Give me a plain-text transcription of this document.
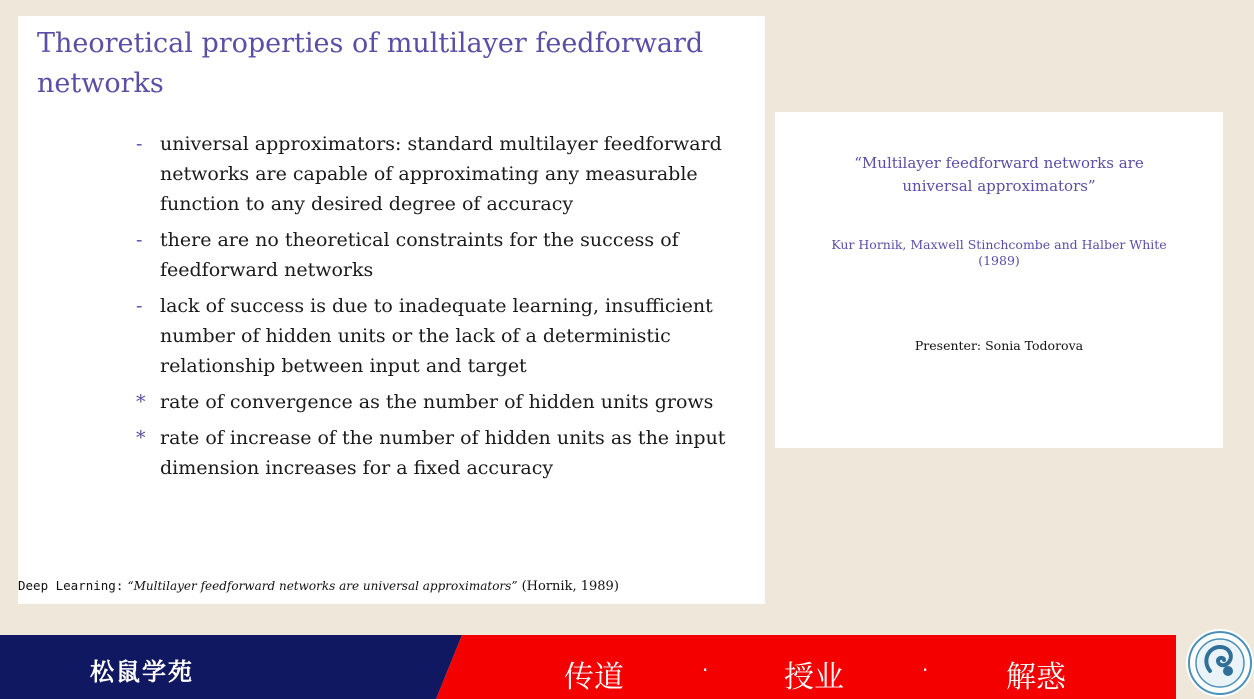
Theoretical properties of multilayer feedforward networks
- universal approximators: standard multilayer feedforward networks are capable of approximating any measurable function to any desired degree of accuracy
- there are no theoretical constraints for the success of feedforward networks
- lack of success is due to inadequate learning, insufficient number of hidden units or the lack of a deterministic relationship between input and target
* rate of convergence as the number of hidden units grows
* rate of increase of the number of hidden units as the input dimension increases for a fixed accuracy
Deep Learning: “Multilayer feedforward networks are universal approximators” (Hornik, 1989)
“Multilayer feedforward networks are
universal approximators”
Kur Hornik, Maxwell Stinchcombe and Halber White
(1989)
Presenter: Sonia Todorova
松鼠学苑	传道	·	授业	·	解惑
